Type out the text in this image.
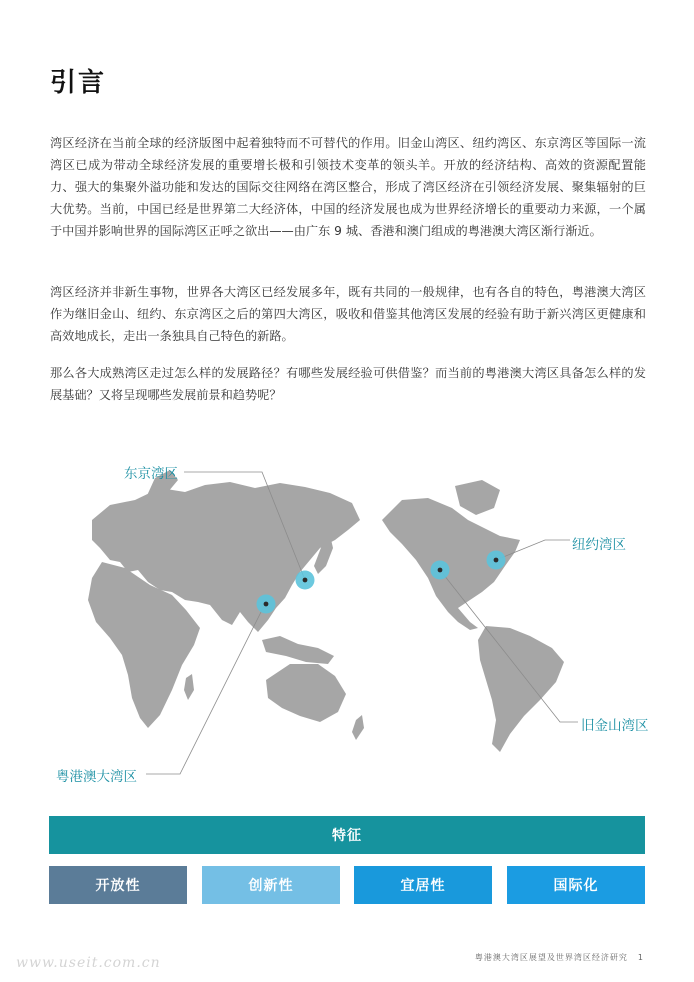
引言

湾区经济在当前全球的经济版图中起着独特而不可替代的作用。旧金山湾区、纽约湾区、东京湾区等国际一流湾区已成为带动全球经济发展的重要增长极和引领技术变革的领头羊。开放的经济结构、高效的资源配置能力、强大的集聚外溢功能和发达的国际交往网络在湾区整合，形成了湾区经济在引领经济发展、聚集辐射的巨大优势。当前，中国已经是世界第二大经济体，中国的经济发展也成为世界经济增长的重要动力来源，一个属于中国并影响世界的国际湾区正呼之欲出——由广东 9 城、香港和澳门组成的粤港澳大湾区渐行渐近。

湾区经济并非新生事物，世界各大湾区已经发展多年，既有共同的一般规律，也有各自的特色，粤港澳大湾区作为继旧金山、纽约、东京湾区之后的第四大湾区，吸收和借鉴其他湾区发展的经验有助于新兴湾区更健康和高效地成长，走出一条独具自己特色的新路。

那么各大成熟湾区走过怎么样的发展路径？有哪些发展经验可供借鉴？而当前的粤港澳大湾区具备怎么样的发展基础？又将呈现哪些发展前景和趋势呢？

东京湾区
纽约湾区
旧金山湾区
粤港澳大湾区
特征
开放性	创新性	宜居性	国际化
粤港澳大湾区展望及世界湾区经济研究 1
www.useit.com.cn
